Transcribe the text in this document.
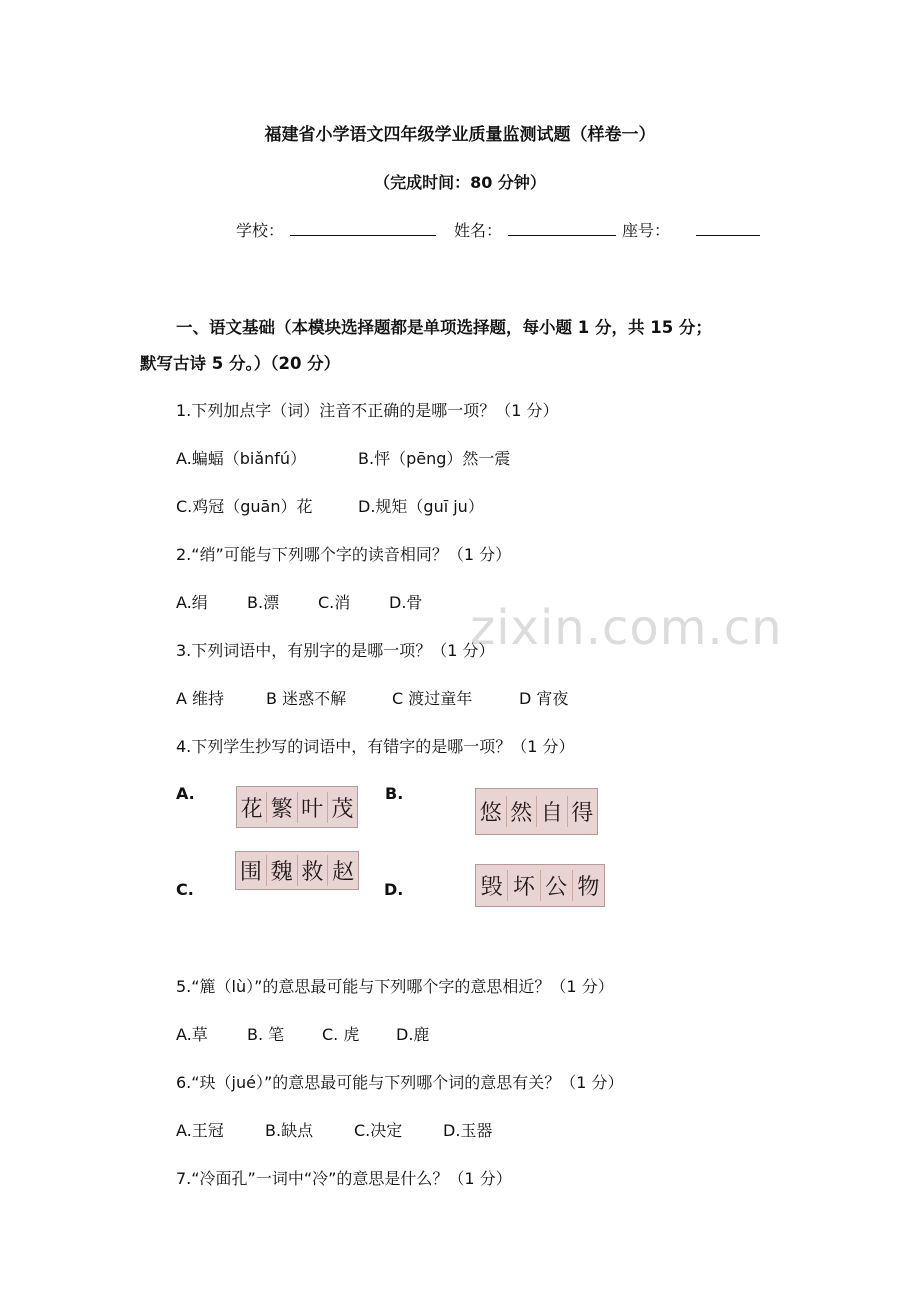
福建省小学语文四年级学业质量监测试题（样卷一）
（完成时间：80 分钟）
学校：	姓名：	座号：
一、语文基础（本模块选择题都是单项选择题，每小题 1 分，共 15 分；
默写古诗 5 分。）（20 分）
1.下列加点字（词）注音不正确的是哪一项？（1 分）
A.蝙蝠（biǎnfú）	B.怦（pēng）然一震
C.鸡冠（guān）花	D.规矩（guī ju）
2.“绡”可能与下列哪个字的读音相同？（1 分）
A.绢 B.漂 C.消 D.骨 zixin.com.cn
3.下列词语中，有别字的是哪一项？（1 分）
A 维持	B 迷惑不解	C 渡过童年	D 宵夜
4.下列学生抄写的词语中，有错字的是哪一项？（1 分）
A.
花 繁 叶 茂
B.
悠 然 自 得
C.
围 魏 救 赵
D.	毁 坏 公 物
5.“簏（lù）”的意思最可能与下列哪个字的意思相近？（1 分）
A.草 B. 笔 C. 虎 D.鹿
6.“玦（jué）”的意思最可能与下列哪个词的意思有关？（1 分）
A.王冠	B.缺点	C.决定	D.玉器
7.“冷面孔”一词中“冷”的意思是什么？（1 分）
